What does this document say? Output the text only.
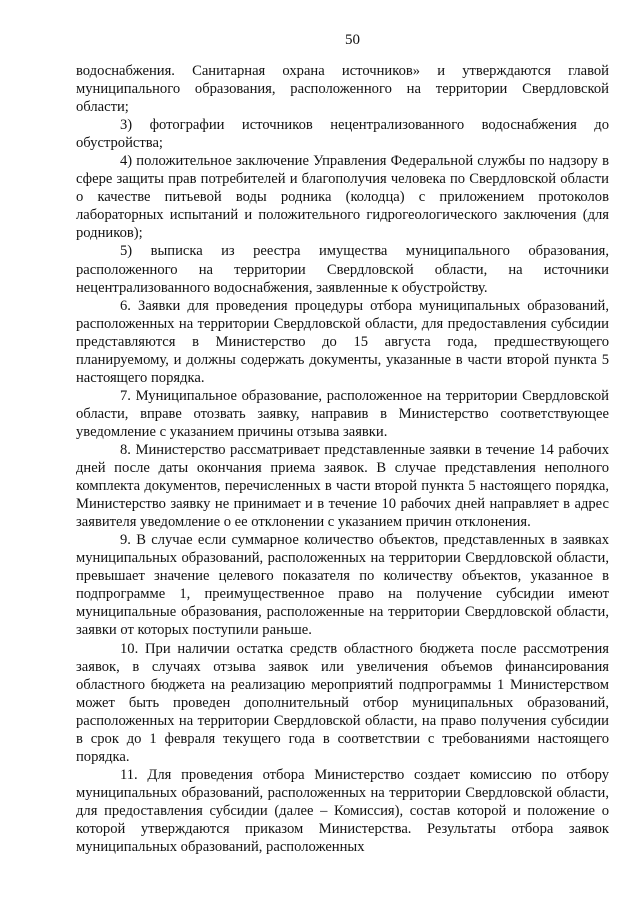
50

водоснабжения. Санитарная охрана источников» и утверждаются главой муниципального образования, расположенного на территории Свердловской области;

3) фотографии источников нецентрализованного водоснабжения до обустройства;

4) положительное заключение Управления Федеральной службы по надзору в сфере защиты прав потребителей и благополучия человека по Свердловской области о качестве питьевой воды родника (колодца) с приложением протоколов лабораторных испытаний и положительного гидрогеологического заключения (для родников);

5) выписка из реестра имущества муниципального образования, расположенного на территории Свердловской области, на источники нецентрализованного водоснабжения, заявленные к обустройству.

6. Заявки для проведения процедуры отбора муниципальных образований, расположенных на территории Свердловской области, для предоставления субсидии представляются в Министерство до 15 августа года, предшествующего планируемому, и должны содержать документы, указанные в части второй пункта 5 настоящего порядка.

7. Муниципальное образование, расположенное на территории Свердловской области, вправе отозвать заявку, направив в Министерство соответствующее уведомление с указанием причины отзыва заявки.

8. Министерство рассматривает представленные заявки в течение 14 рабочих дней после даты окончания приема заявок. В случае представления неполного комплекта документов, перечисленных в части второй пункта 5 настоящего порядка, Министерство заявку не принимает и в течение 10 рабочих дней направляет в адрес заявителя уведомление о ее отклонении с указанием причин отклонения.

9. В случае если суммарное количество объектов, представленных в заявках муниципальных образований, расположенных на территории Свердловской области, превышает значение целевого показателя по количеству объектов, указанное в подпрограмме 1, преимущественное право на получение субсидии имеют муниципальные образования, расположенные на территории Свердловской области, заявки от которых поступили раньше.

10. При наличии остатка средств областного бюджета после рассмотрения заявок, в случаях отзыва заявок или увеличения объемов финансирования областного бюджета на реализацию мероприятий подпрограммы 1 Министерством может быть проведен дополнительный отбор муниципальных образований, расположенных на территории Свердловской области, на право получения субсидии в срок до 1 февраля текущего года в соответствии с требованиями настоящего порядка.

11. Для проведения отбора Министерство создает комиссию по отбору муниципальных образований, расположенных на территории Свердловской области, для предоставления субсидии (далее – Комиссия), состав которой и положение о которой утверждаются приказом Министерства. Результаты отбора заявок муниципальных образований, расположенных
